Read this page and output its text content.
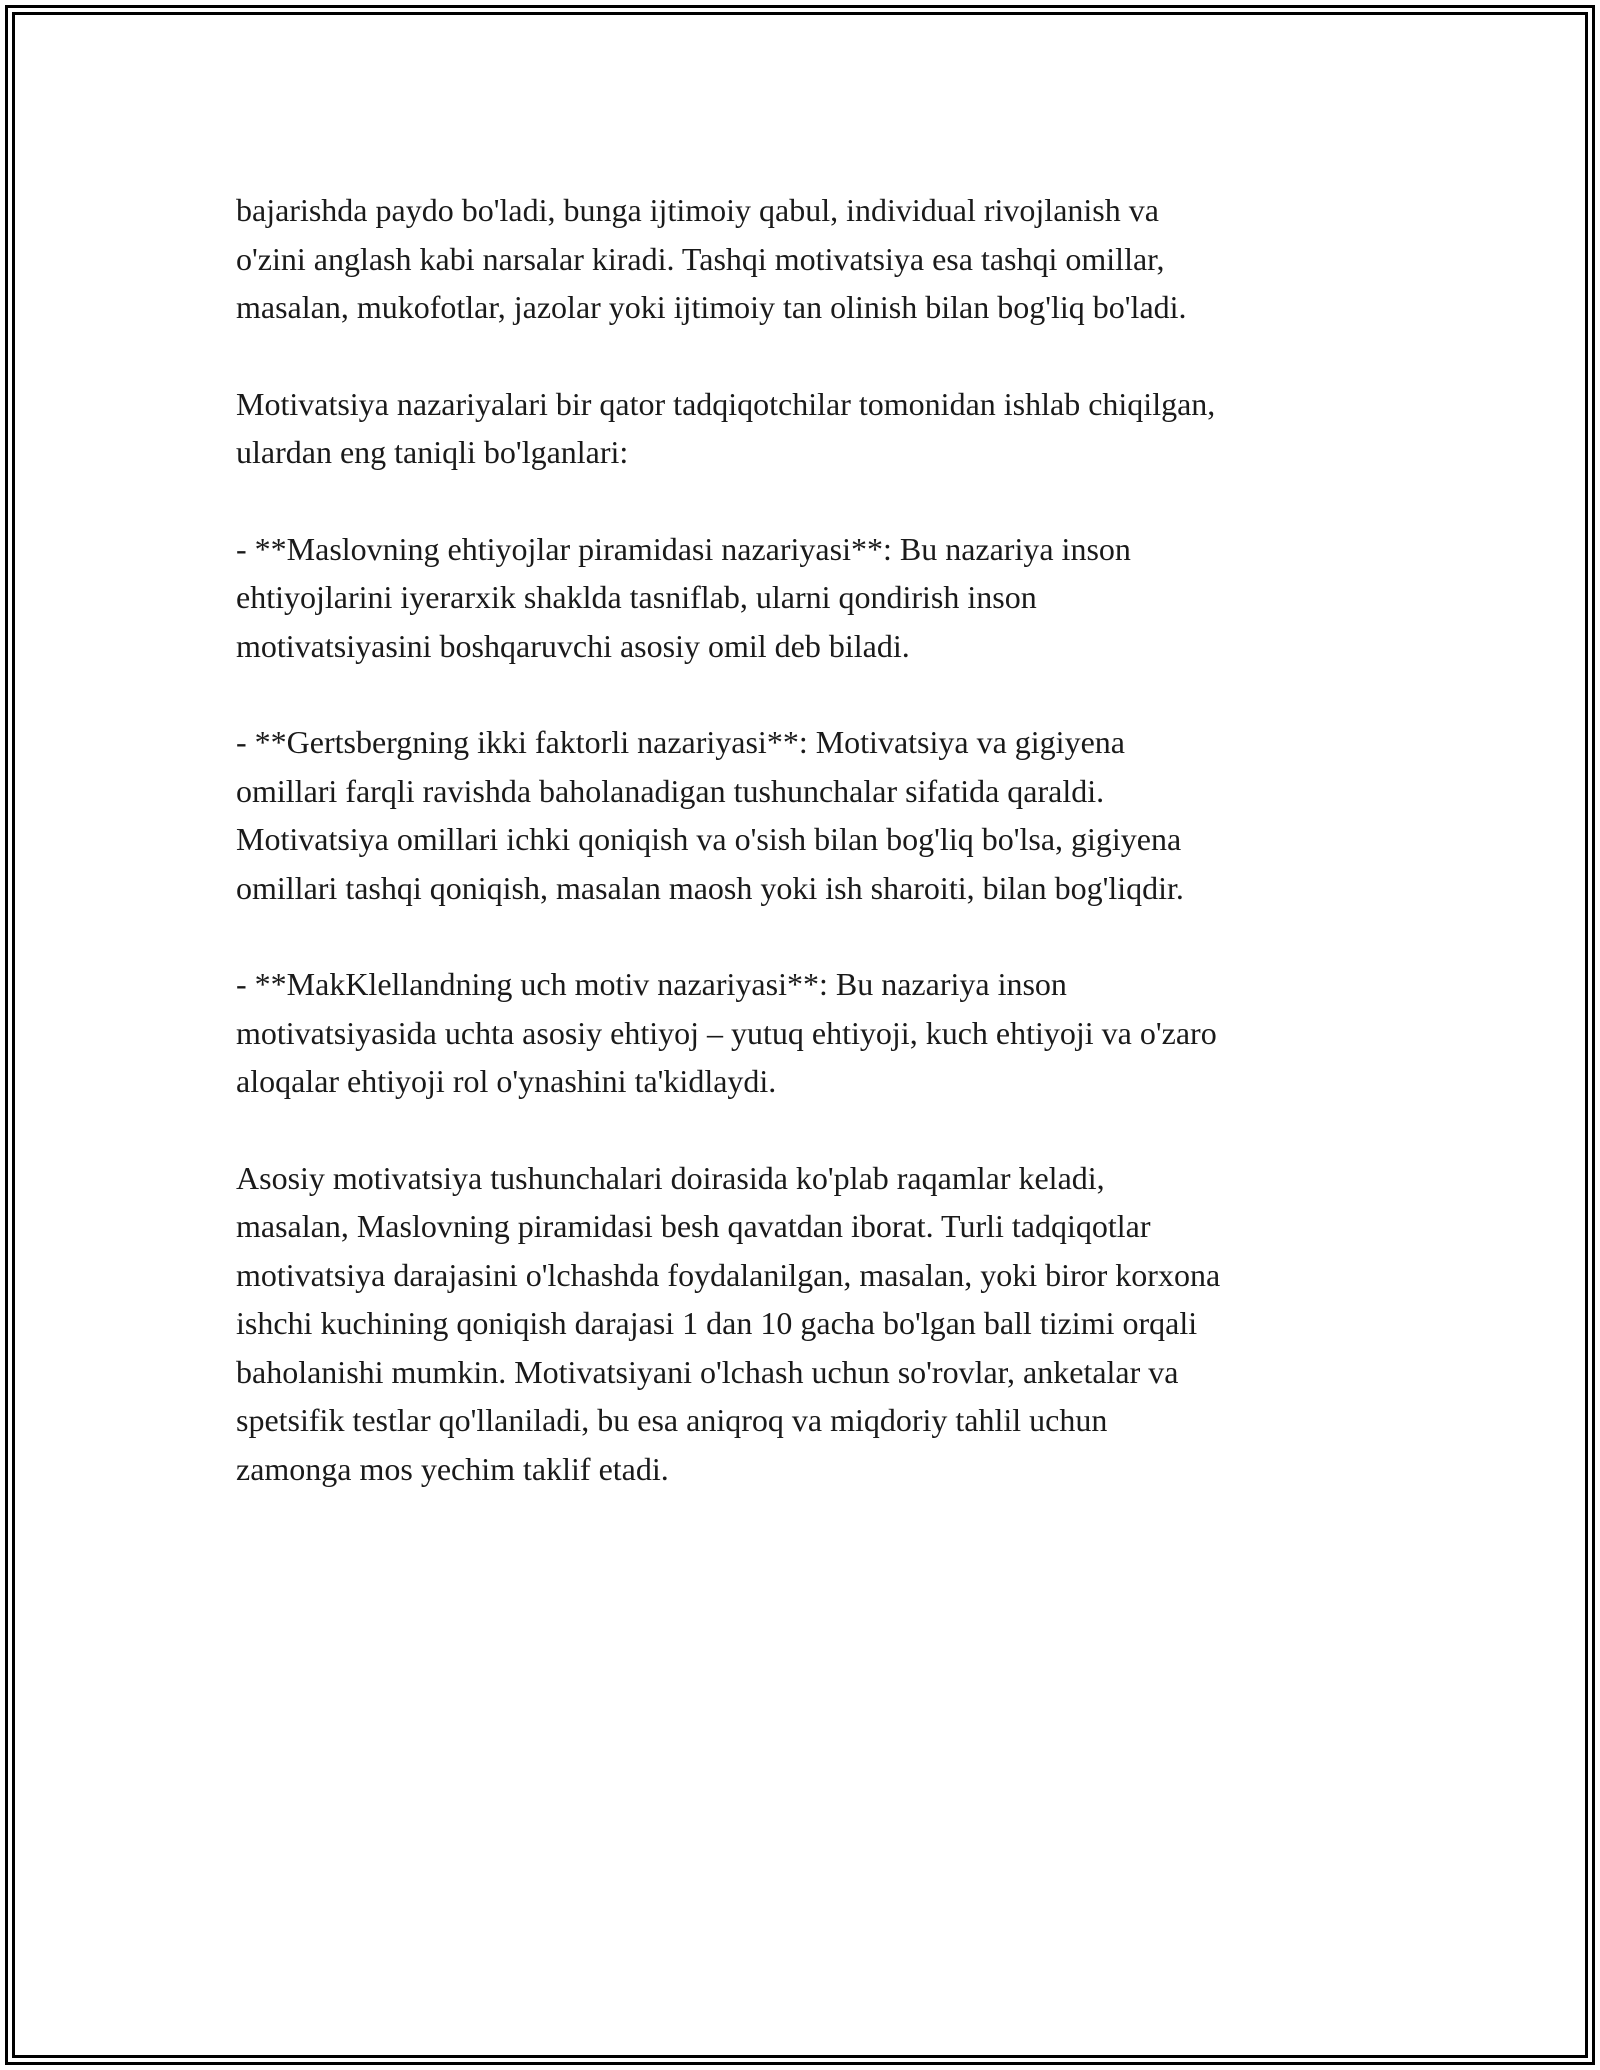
bajarishda paydo bo'ladi, bunga ijtimoiy qabul, individual rivojlanish va
o'zini anglash kabi narsalar kiradi. Tashqi motivatsiya esa tashqi omillar,
masalan, mukofotlar, jazolar yoki ijtimoiy tan olinish bilan bog'liq bo'ladi.

Motivatsiya nazariyalari bir qator tadqiqotchilar tomonidan ishlab chiqilgan,
ulardan eng taniqli bo'lganlari:

- **Maslovning ehtiyojlar piramidasi nazariyasi**: Bu nazariya inson
ehtiyojlarini iyerarxik shaklda tasniflab, ularni qondirish inson
motivatsiyasini boshqaruvchi asosiy omil deb biladi.

- **Gertsbergning ikki faktorli nazariyasi**: Motivatsiya va gigiyena
omillari farqli ravishda baholanadigan tushunchalar sifatida qaraldi.
Motivatsiya omillari ichki qoniqish va o'sish bilan bog'liq bo'lsa, gigiyena
omillari tashqi qoniqish, masalan maosh yoki ish sharoiti, bilan bog'liqdir.

- **MakKlellandning uch motiv nazariyasi**: Bu nazariya inson
motivatsiyasida uchta asosiy ehtiyoj – yutuq ehtiyoji, kuch ehtiyoji va o'zaro
aloqalar ehtiyoji rol o'ynashini ta'kidlaydi.

Asosiy motivatsiya tushunchalari doirasida ko'plab raqamlar keladi,
masalan, Maslovning piramidasi besh qavatdan iborat. Turli tadqiqotlar
motivatsiya darajasini o'lchashda foydalanilgan, masalan, yoki biror korxona
ishchi kuchining qoniqish darajasi 1 dan 10 gacha bo'lgan ball tizimi orqali
baholanishi mumkin. Motivatsiyani o'lchash uchun so'rovlar, anketalar va
spetsifik testlar qo'llaniladi, bu esa aniqroq va miqdoriy tahlil uchun
zamonga mos yechim taklif etadi.
